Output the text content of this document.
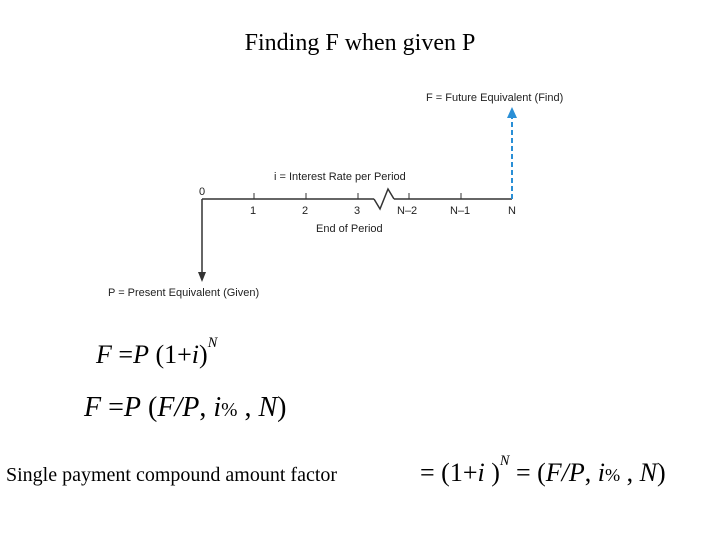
Finding F when given P
F = Future Equivalent (Find)
i = Interest Rate per Period
0
1	2	3	N–2	N–1	N
End of Period
P = Present Equivalent (Given)
F =P $(1+i)^N$
F =P (F/P, i% , N)
Single payment compound amount factor	= (1+i )$^N$ = (F/P, i% , N)
